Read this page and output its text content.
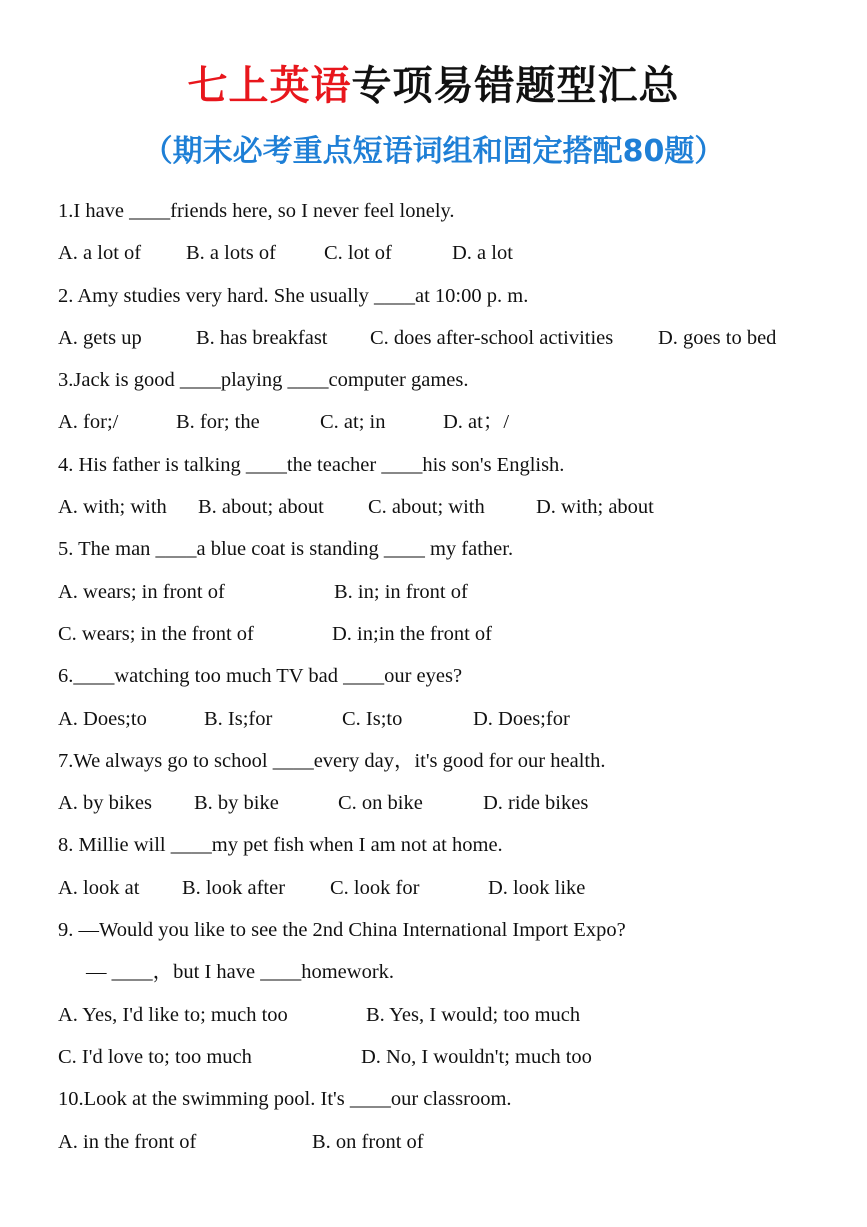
七上英语专项易错题型汇总
（期末必考重点短语词组和固定搭配80题）
1.I have ____friends here, so I never feel lonely.
A. a lot of B. a lots of C. lot of	D. a lot
2. Amy studies very hard. She usually ____at 10:00 p. m.
A. gets up	B. has breakfast C. does after-school activities D. goes to bed
3.Jack is good ____playing ____computer games.
A. for;/	B. for; the	C. at; in	D. at；/
4. His father is talking ____the teacher ____his son's English.
A. with; with B. about; about C. about; with	D. with; about
5. The man ____a blue coat is standing ____ my father.
A. wears; in front of	B. in; in front of
C. wears; in the front of	D. in;in the front of
6.____watching too much TV bad ____our eyes?
A. Does;to	B. Is;for	C. Is;to	D. Does;for
7.We always go to school ____every day，it's good for our health.
A. by bikes B. by bike	C. on bike	D. ride bikes
8. Millie will ____my pet fish when I am not at home.
A. look at B. look after C. look for	D. look like
9. —Would you like to see the 2nd China International Import Expo?
— ____，but I have ____homework.
A. Yes, I'd like to; much too	B. Yes, I would; too much
C. I'd love to; too much	D. No, I wouldn't; much too
10.Look at the swimming pool. It's ____our classroom.
A. in the front of	B. on front of
